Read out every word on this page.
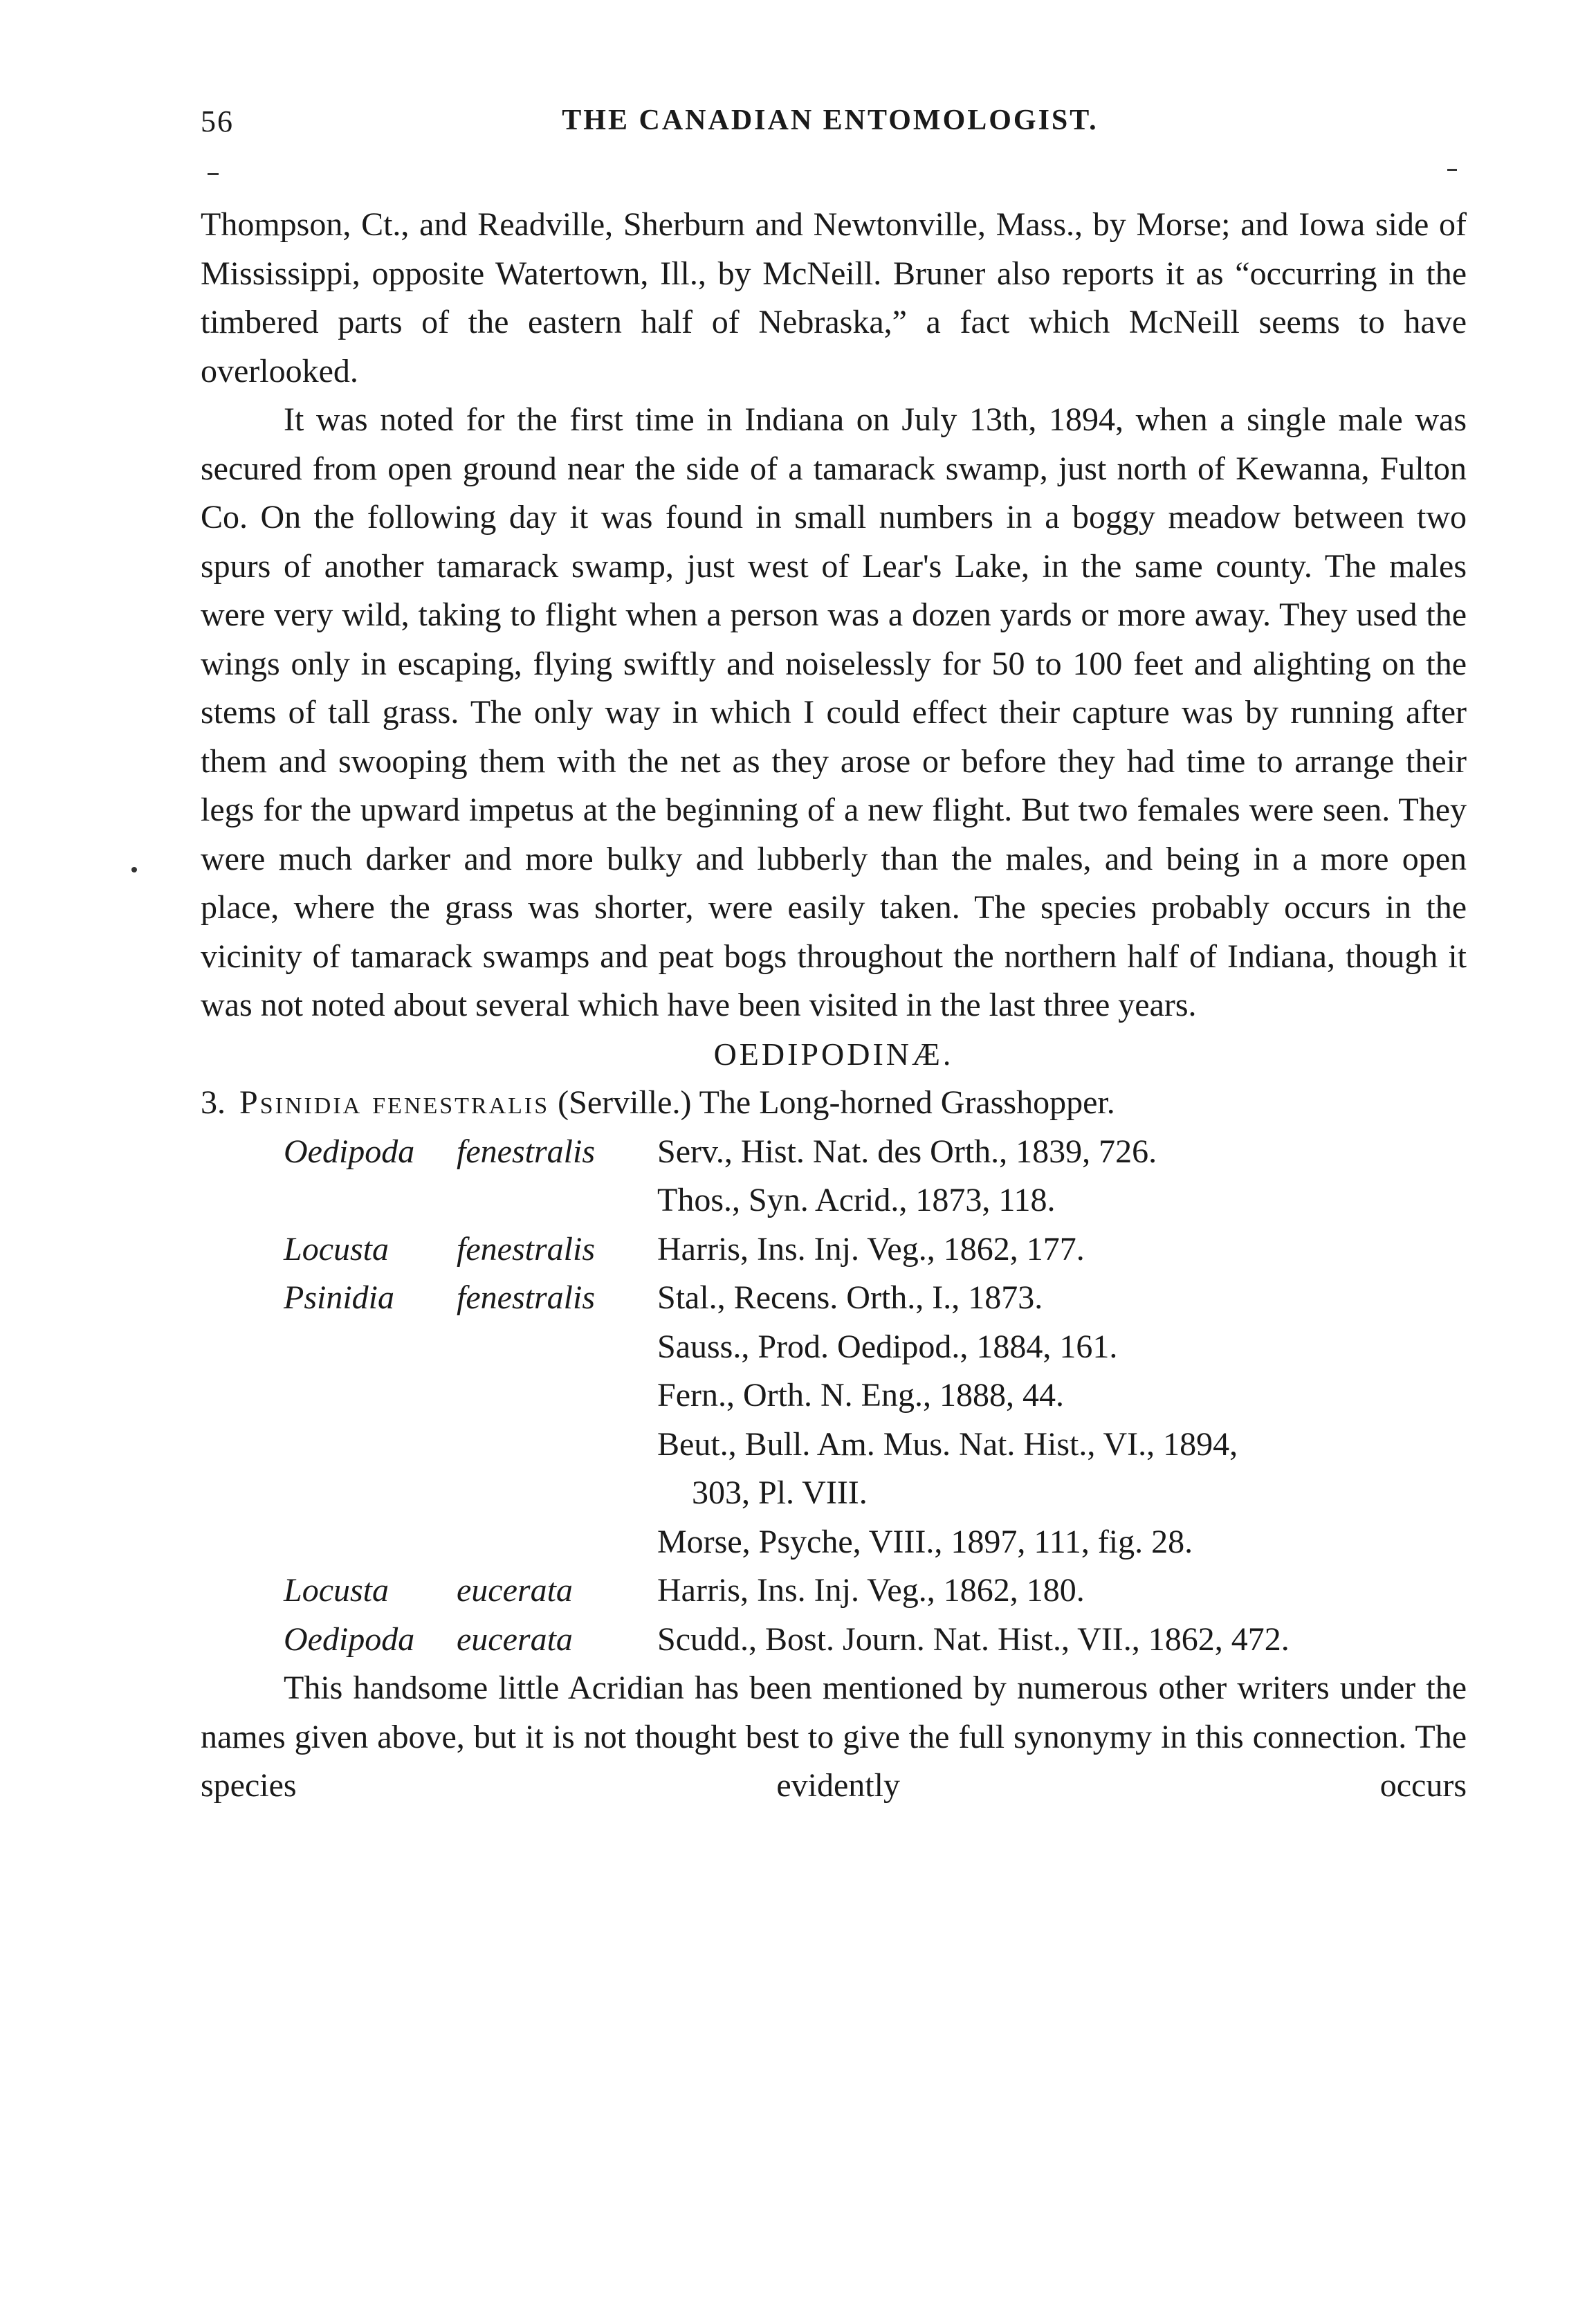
56	THE CANADIAN ENTOMOLOGIST.

Thompson, Ct., and Readville, Sherburn and Newtonville, Mass., by Morse; and Iowa side of Mississippi, opposite Watertown, Ill., by McNeill. Bruner also reports it as “occurring in the timbered parts of the eastern half of Nebraska,” a fact which McNeill seems to have overlooked.

It was noted for the first time in Indiana on July 13th, 1894, when a single male was secured from open ground near the side of a tamarack swamp, just north of Kewanna, Fulton Co. On the following day it was found in small numbers in a boggy meadow between two spurs of another tamarack swamp, just west of Lear's Lake, in the same county. The males were very wild, taking to flight when a person was a dozen yards or more away. They used the wings only in escaping, flying swiftly and noiselessly for 50 to 100 feet and alighting on the stems of tall grass. The only way in which I could effect their capture was by running after them and swooping them with the net as they arose or before they had time to arrange their legs for the upward impetus at the beginning of a new flight. But two females were seen. They were much darker and more bulky and lubberly than the males, and being in a more open place, where the grass was shorter, were easily taken. The species probably occurs in the vicinity of tamarack swamps and peat bogs throughout the northern half of Indiana, though it was not noted about several which have been visited in the last three years.

OEDIPODINÆ.

3. Psinidia fenestralis (Serville.) The Long-horned Grasshopper.

Oedipoda fenestralis	Serv., Hist. Nat. des Orth., 1839, 726.
Thos., Syn. Acrid., 1873, 118.
Locusta fenestralis	Harris, Ins. Inj. Veg., 1862, 177.
Psinidia fenestralis	Stal., Recens. Orth., I., 1873.
Sauss., Prod. Oedipod., 1884, 161.
Fern., Orth. N. Eng., 1888, 44.
Beut., Bull. Am. Mus. Nat. Hist., VI., 1894,
303, Pl. VIII.
Morse, Psyche, VIII., 1897, 111, fig. 28.
Locusta eucerata	Harris, Ins. Inj. Veg., 1862, 180.
Oedipoda eucerata	Scudd., Bost. Journ. Nat. Hist., VII., 1862, 472.

This handsome little Acridian has been mentioned by numerous other writers under the names given above, but it is not thought best to give the full synonymy in this connection. The species evidently occurs
